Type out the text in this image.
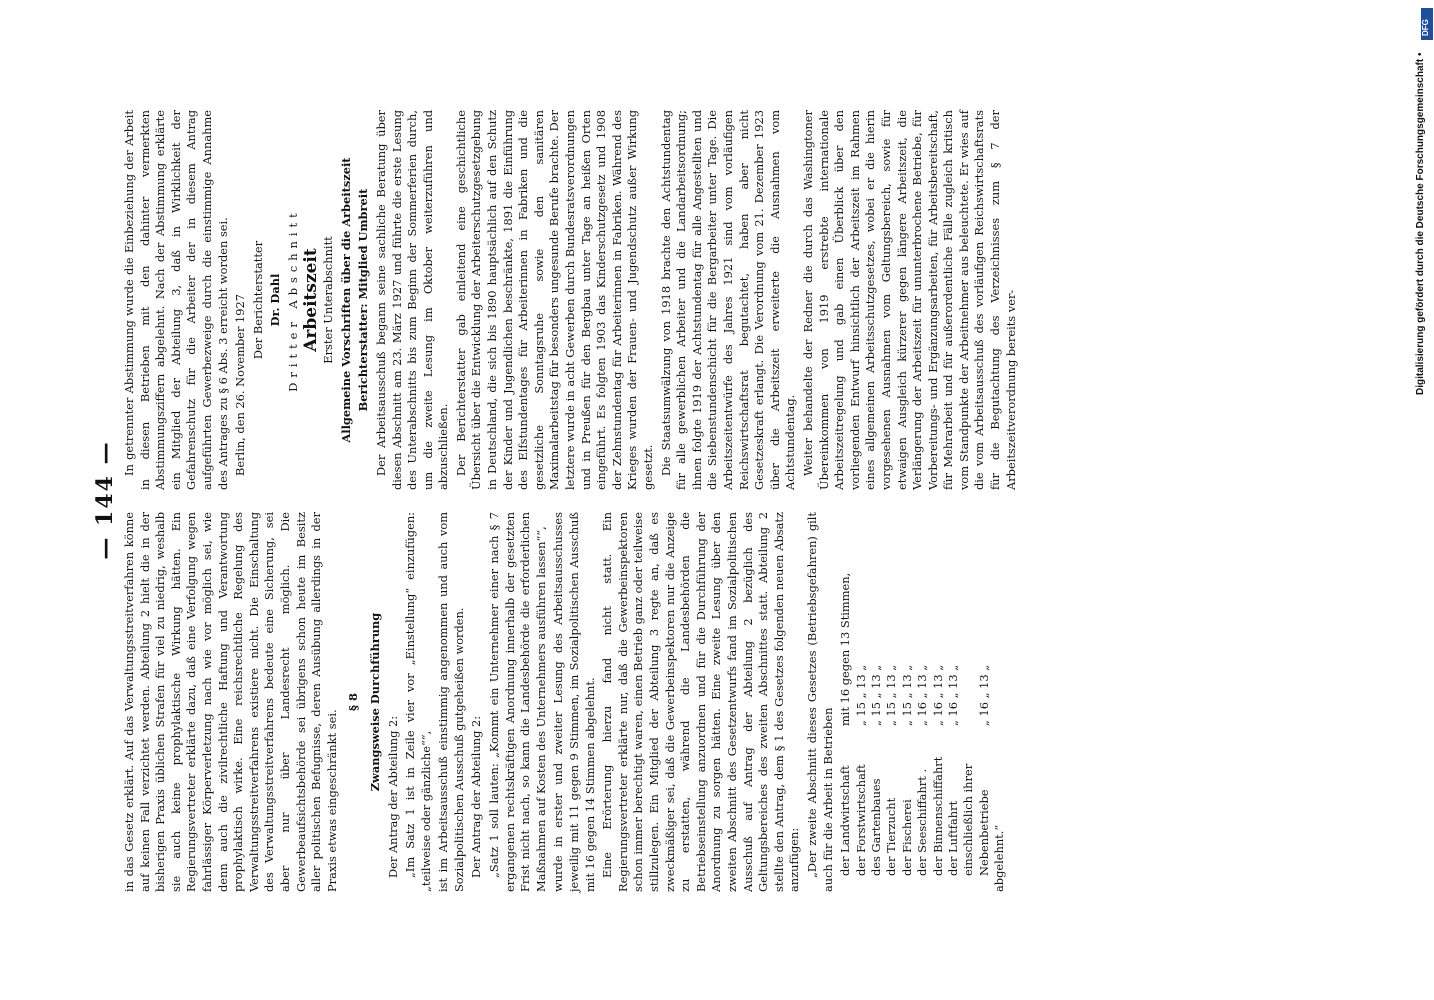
— 144 —

in das Gesetz erklärt. Auf das Verwaltungsstreitverfahren könne auf keinen Fall verzichtet werden. Abteilung 2 hielt die in der bisherigen Praxis üblichen Strafen für viel zu niedrig, weshalb sie auch keine prophylaktische Wirkung hätten. Ein Regierungsvertreter erklärte dazu, daß eine Verfolgung wegen fahrlässiger Körperverletzung nach wie vor möglich sei, wie denn auch die zivilrechtliche Haftung und Verantwortung prophylaktisch wirke. Eine reichsrechtliche Regelung des Verwaltungsstreitverfahrens existiere nicht. Die Einschaltung des Verwaltungsstreitverfahrens bedeute eine Sicherung, sei aber nur über Landesrecht möglich. Die Gewerbeaufsichtsbehörde sei übrigens schon heute im Besitz aller politischen Befugnisse, deren Ausübung allerdings in der Praxis etwas eingeschränkt sei.

§ 8 Zwangsweise Durchführung

Der Antrag der Abteilung 2: „Im Satz 1 ist in Zeile vier vor „Einstellung“ einzufügen: „teilweise oder gänzliche““, ist im Arbeitsausschuß einstimmig angenommen und auch vom Sozialpolitischen Ausschuß gutgeheißen worden. Der Antrag der Abteilung 2: „Satz 1 soll lauten: „Kommt ein Unternehmer einer nach § 7 ergangenen rechtskräftigen Anordnung innerhalb der gesetzten Frist nicht nach, so kann die Landesbehörde die erforderlichen Maßnahmen auf Kosten des Unternehmers ausführen lassen““, wurde in erster und zweiter Lesung des Arbeitsausschusses jeweilig mit 11 gegen 9 Stimmen, im Sozialpolitischen Ausschuß mit 16 gegen 14 Stimmen abgelehnt. Eine Erörterung hierzu fand nicht statt. Ein Regierungsvertreter erklärte nur, daß die Gewerbeinspektoren schon immer berechtigt waren, einen Betrieb ganz oder teilweise stillzulegen. Ein Mitglied der Abteilung 3 regte an, daß es zweckmäßiger sei, daß die Gewerbeinspektoren nur die Anzeige zu erstatten, während die Landesbehörden die Betriebseinstellung anzuordnen und für die Durchführung der Anordnung zu sorgen hätten. Eine zweite Lesung über den zweiten Abschnitt des Gesetzentwurfs fand im Sozialpolitischen Ausschuß auf Antrag der Abteilung 2 bezüglich des Geltungsbereiches des zweiten Abschnittes statt. Abteilung 2 stellte den Antrag, dem § 1 des Gesetzes folgenden neuen Absatz anzufügen: „Der zweite Abschnitt dieses Gesetzes (Betriebsgefahren) gilt auch für die Arbeit in Betrieben der Landwirtschaft
mit 16 gegen 13 Stimmen,
der Forstwirtschaft
„ 15 „ 13 „
des Gartenbaues
„ 15 „ 13 „
der Tierzucht
„ 15 „ 13 „
der Fischerei
„ 15 „ 13 „
der Seeschiffahrt .
„ 16 „ 13 „
der Binnenschiffahrt
„ 16 „ 13 „
der Luftfahrt
„ 16 „ 13 „
einschließlich ihrer Nebenbetriebe
„ 16 „ 13 „

abgelehnt.“

In getrennter Abstimmung wurde die Einbeziehung der Arbeit in diesen Betrieben mit den dahinter vermerkten Abstimmungsziffern abgelehnt. Nach der Abstimmung erklärte ein Mitglied der Abteilung 3, daß in Wirklichkeit der Gefahrenschutz für die Arbeiter der in diesem Antrag aufgeführten Gewerbezweige durch die einstimmige Annahme des Antrages zu § 6 Abs. 3 erreicht worden sei. Berlin, den 26. November 1927 Der Berichterstatter Dr. Dahl Dritter Abschnitt Arbeitszeit Erster Unterabschnitt Allgemeine Vorschriften über die Arbeitszeit Berichterstatter: Mitglied Umbreit Der Arbeitsausschuß begann seine sachliche Beratung über diesen Abschnitt am 23. März 1927 und führte die erste Lesung des Unterabschnitts bis zum Beginn der Sommerferien durch, um die zweite Lesung im Oktober weiterzuführen und abzuschließen. Der Berichterstatter gab einleitend eine geschichtliche Übersicht über die Entwicklung der Arbeiterschutzgesetzgebung in Deutschland, die sich bis 1890 hauptsächlich auf den Schutz der Kinder und Jugendlichen beschränkte, 1891 die Einführung des Elfstundentages für Arbeiterinnen in Fabriken und die gesetzliche Sonntagsruhe sowie den sanitären Maximalarbeitstag für besonders ungesunde Berufe brachte. Der letztere wurde in acht Gewerben durch Bundesratsverordnungen und in Preußen für den Bergbau unter Tage an heißen Orten eingeführt. Es folgten 1903 das Kinderschutzgesetz und 1908 der Zehnstundentag für Arbeiterinnen in Fabriken. Während des Krieges wurden der Frauen- und Jugendschutz außer Wirkung gesetzt. Die Staatsumwälzung von 1918 brachte den Achtstundentag für alle gewerblichen Arbeiter und die Landarbeitsordnung; ihnen folgte 1919 der Achtstundentag für alle Angestellten und die Siebenstundenschicht für die Bergarbeiter unter Tage. Die Arbeitszeitentwürfe des Jahres 1921 sind vom vorläufigen Reichswirtschaftsrat begutachtet, haben aber nicht Gesetzeskraft erlangt. Die Verordnung vom 21. Dezember 1923 über die Arbeitszeit erweiterte die Ausnahmen vom Achtstundentag. Weiter behandelte der Redner die durch das Washingtoner Übereinkommen von 1919 erstrebte internationale Arbeitszeitregelung und gab einen Überblick über den vorliegenden Entwurf hinsichtlich der Arbeitszeit im Rahmen eines allgemeinen Arbeitsschutzgesetzes, wobei er die hierin vorgesehenen Ausnahmen vom Geltungsbereich, sowie für etwaigen Ausgleich kürzerer gegen längere Arbeitszeit, die Verlängerung der Arbeitszeit für ununterbrochene Betriebe, für Vorbereitungs- und Ergänzungsarbeiten, für Arbeitsbereitschaft, für Mehrarbeit und für außerordentliche Fälle zugleich kritisch vom Standpunkte der Arbeitnehmer aus beleuchtete. Er wies auf die vom Arbeitsausschuß des vorläufigen Reichswirtschaftsrats für die Begutachtung des Verzeichnisses zum § 7 der Arbeitszeitverordnung bereits ver-	Digitalisierung gefördert durch die Deutsche Forschungsgemeinschaft •
DFG
